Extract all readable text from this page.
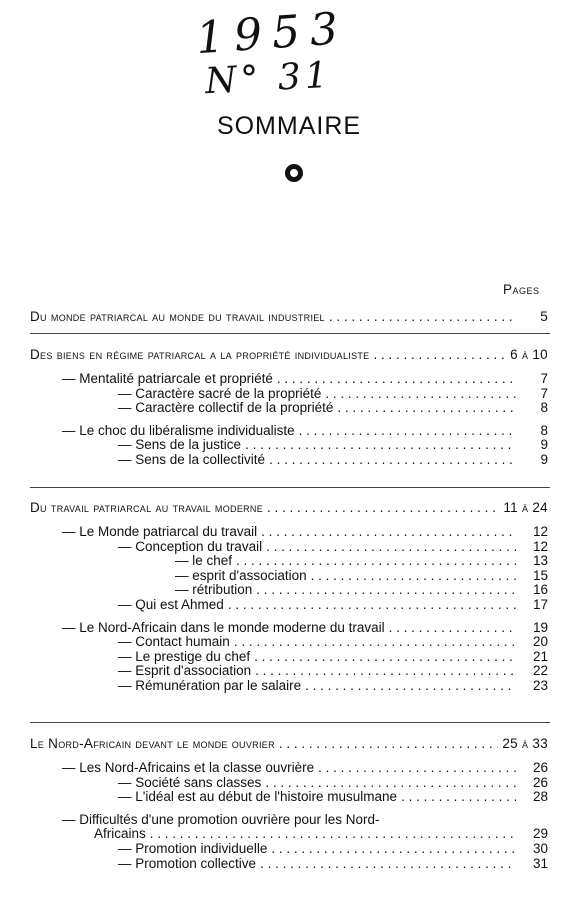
1953
N° 31
SOMMAIRE
Pages
Du monde patriarcal au monde du travail industriel . . .	5
Des biens en régime patriarcal a la propriété individualiste . . .	6 à 10
— Mentalité patriarcale et propriété . . .	7
— Caractère sacré de la propriété . . .	7
— Caractère collectif de la propriété . . .	8
— Le choc du libéralisme individualiste . . .	8
— Sens de la justice . . .	9
— Sens de la collectivité . . .	9
Du travail patriarcal au travail moderne . . .	11 à 24
— Le Monde patriarcal du travail . . .	12
— Conception du travail . . .	12
— le chef . . .	13
— esprit d'association . . .	15
— rétribution . . .	16
— Qui est Ahmed . . .	17
— Le Nord-Africain dans le monde moderne du travail . . .	19
— Contact humain . . .	20
— Le prestige du chef . . .	21
— Esprit d'association . . .	22
— Rémunération par le salaire . . .	23
Le Nord-Africain devant le monde ouvrier . . .	25 à 33
— Les Nord-Africains et la classe ouvrière . . .	26
— Société sans classes . . .	26
— L'idéal est au début de l'histoire musulmane . . .	28
— Difficultés d'une promotion ouvrière pour les Nord-
Africains . . .	29
— Promotion individuelle . . .	30
— Promotion collective . . .	31
